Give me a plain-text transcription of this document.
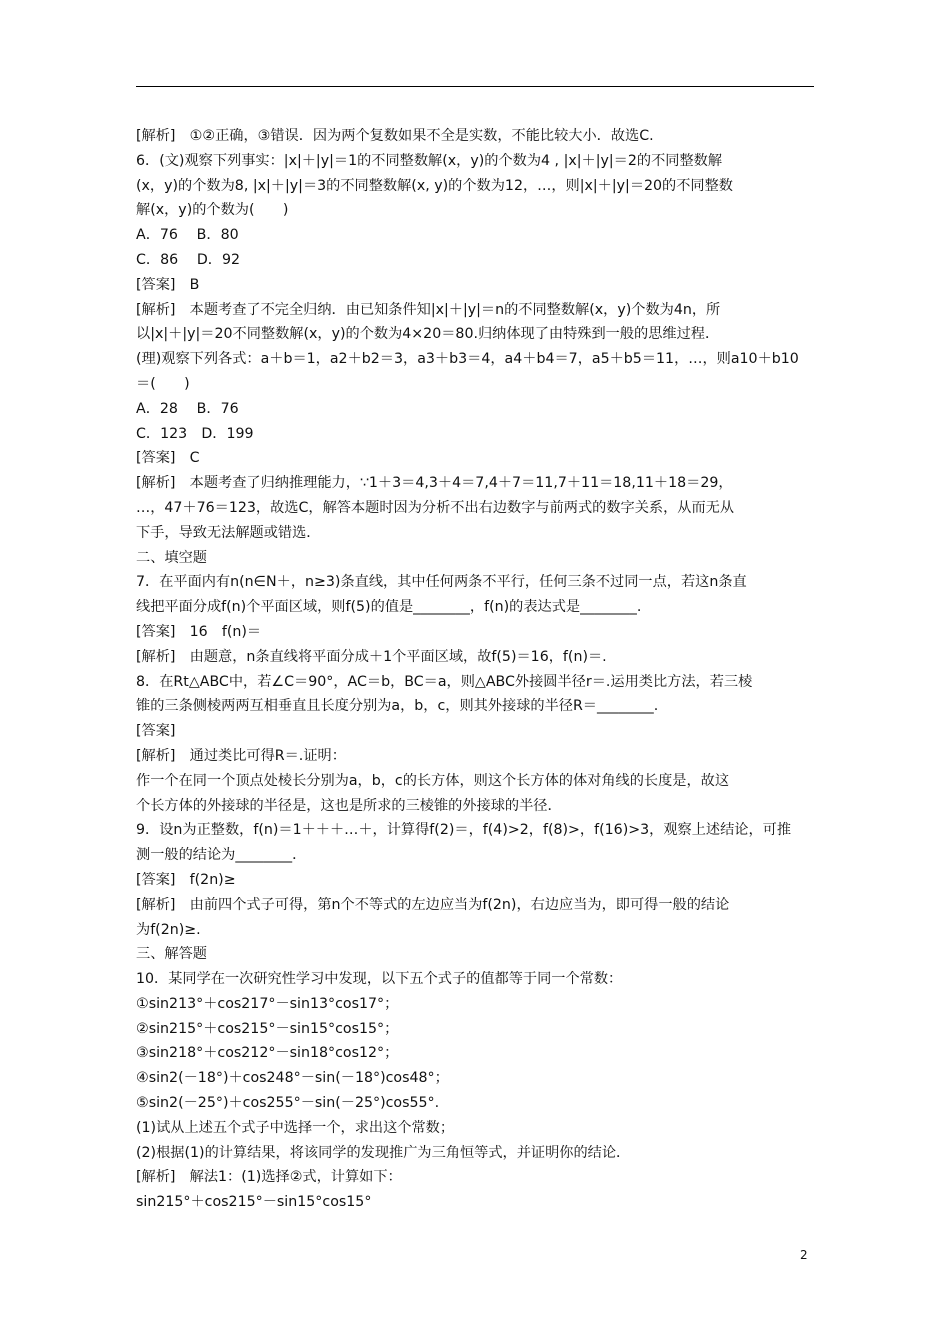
[解析]　①②正确，③错误．因为两个复数如果不全是实数，不能比较大小．故选C.
6．(文)观察下列事实：|x|＋|y|＝1的不同整数解(x，y)的个数为4 , |x|＋|y|＝2的不同整数解
(x，y)的个数为8, |x|＋|y|＝3的不同整数解(x, y)的个数为12，…，则|x|＋|y|＝20的不同整数
解(x，y)的个数为(　　)
A．76　 B．80
C．86　 D．92
[答案]　B
[解析]　本题考查了不完全归纳．由已知条件知|x|＋|y|＝n的不同整数解(x，y)个数为4n，所
以|x|＋|y|＝20不同整数解(x，y)的个数为4×20＝80.归纳体现了由特殊到一般的思维过程．
(理)观察下列各式：a＋b＝1，a2＋b2＝3，a3＋b3＝4，a4＋b4＝7，a5＋b5＝11，…，则a10＋b10
＝(　　)
A．28　 B．76
C．123　D．199
[答案]　C
[解析]　本题考查了归纳推理能力，∵1＋3＝4,3＋4＝7,4＋7＝11,7＋11＝18,11＋18＝29，
…，47＋76＝123，故选C，解答本题时因为分析不出右边数字与前两式的数字关系，从而无从
下手，导致无法解题或错选．
二、填空题
7．在平面内有n(n∈N＋，n≥3)条直线，其中任何两条不平行，任何三条不过同一点，若这n条直
线把平面分成f(n)个平面区域，则f(5)的值是________，f(n)的表达式是________.
[答案]　16　f(n)＝
[解析]　由题意，n条直线将平面分成＋1个平面区域，故f(5)＝16，f(n)＝.
8．在Rt△ABC中，若∠C＝90°，AC＝b，BC＝a，则△ABC外接圆半径r＝.运用类比方法，若三棱
锥的三条侧棱两两互相垂直且长度分别为a，b，c，则其外接球的半径R＝________.
[答案]
[解析]　通过类比可得R＝.证明：
作一个在同一个顶点处棱长分别为a，b，c的长方体，则这个长方体的体对角线的长度是，故这
个长方体的外接球的半径是，这也是所求的三棱锥的外接球的半径．
9．设n为正整数，f(n)＝1＋＋＋…＋，计算得f(2)＝，f(4)>2，f(8)>，f(16)>3，观察上述结论，可推
测一般的结论为________．
[答案]　f(2n)≥
[解析]　由前四个式子可得，第n个不等式的左边应当为f(2n)，右边应当为，即可得一般的结论
为f(2n)≥.
三、解答题
10．某同学在一次研究性学习中发现，以下五个式子的值都等于同一个常数：
①sin213°＋cos217°－sin13°cos17°；
②sin215°＋cos215°－sin15°cos15°；
③sin218°＋cos212°－sin18°cos12°；
④sin2(－18°)＋cos248°－sin(－18°)cos48°；
⑤sin2(－25°)＋cos255°－sin(－25°)cos55°.
(1)试从上述五个式子中选择一个，求出这个常数；
(2)根据(1)的计算结果，将该同学的发现推广为三角恒等式，并证明你的结论．
[解析]　解法1：(1)选择②式，计算如下：
sin215°＋cos215°－sin15°cos15°
2
